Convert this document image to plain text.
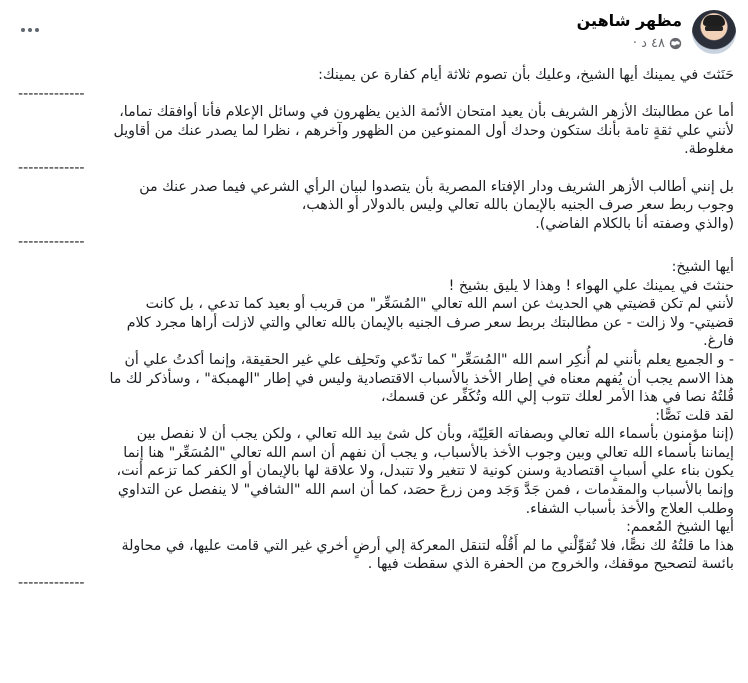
مظهر شاهين
٤٨ د ·
حَنَثتَ في يمينك أيها الشيخ، وعليك بأن تصوم ثلاثة أيام كفارة عن يمينك:
-------------
أما عن مطالبتك الأزهر الشريف بأن يعيد امتحان الأئمة الذين يظهرون في وسائل الإعلام فأنا أوافقك تماما،
لأنني علي ثقةٍ تامة بأنك ستكون وحدك أول الممنوعين من الظهور وآخرهم ، نظرا لما يصدر عنك من أقاويل
مغلوطة.
-------------
بل إنني أطالب الأزهر الشريف ودار الإفتاء المصرية بأن يتصدوا لبيان الرأي الشرعي فيما صدر عنك من
وجوب ربط سعر صرف الجنيه بالإيمان بالله تعالي وليس بالدولار أو الذهب،
(والذي وصفته أنا بالكلام الفاضي).
-------------
أيها الشيخ:
حنثتَ في يمينك علي الهواء ! وهذا لا يليق بشيخ !
لأنني لم تكن قضيتي هي الحديث عن اسم الله تعالي "المُسَعِّر" من قريب أو بعيد كما تدعي ، بل كانت
قضيتي- ولا زالت - عن مطالبتك بربط سعر صرف الجنيه بالإيمان بالله تعالي والتي لازلت أراها مجرد كلام
فارغ.
- و الجميع يعلم بأنني لم أُنكِر اسم الله "المُسَعِّر" كما تدّعي وتَحلِف علي غير الحقيقة، وإنما أكدتُ علي أن
هذا الاسم يجب أن يُفهم معناه في إطار الأخذ بالأسباب الاقتصادية وليس في إطار "الهمبكة" ، وسأذكر لك ما
قُلتُهُ نصا في هذا الأمر لعلك تتوب إلي الله وتُكَفِّر عن قسمك،
لقد قلت نَصًّا:
(إننا مؤمنون بأسماء الله تعالي وبصفاته العَلِيّة، وبأن كل شئ بيد الله تعالي ، ولكن يجب أن لا نفصل بين
إيماننا بأسماء الله تعالي وبين وجوب الأخذ بالأسباب، و يجب أن نفهم أن اسم الله تعالي "المُسَعِّر" هنا إنما
يكون بناء علي أسبابٍ اقتصادية وسنن كونية لا تتغير ولا تتبدل، ولا علاقة لها بالإيمان أو الكفر كما تزعم أنت،
وإنما بالأسباب والمقدمات ، فمن جَدَّ وَجَد ومن زرعَ حصَد، كما أن اسم الله "الشافي" لا ينفصل عن التداوي
وطلب العلاج والأخذ بأسباب الشفاء.
أيها الشيخ المُعمم:
هذا ما قلتُهُ لك نصًّا، فلا تُقوِّلْني ما لم أَقُلْه لتنقل المعركة إلي أرضٍ أخري غير التي قامت عليها، في محاولة
بائسة لتصحيح موقفك، والخروج من الحفرة الذي سقطت فيها .
-------------
